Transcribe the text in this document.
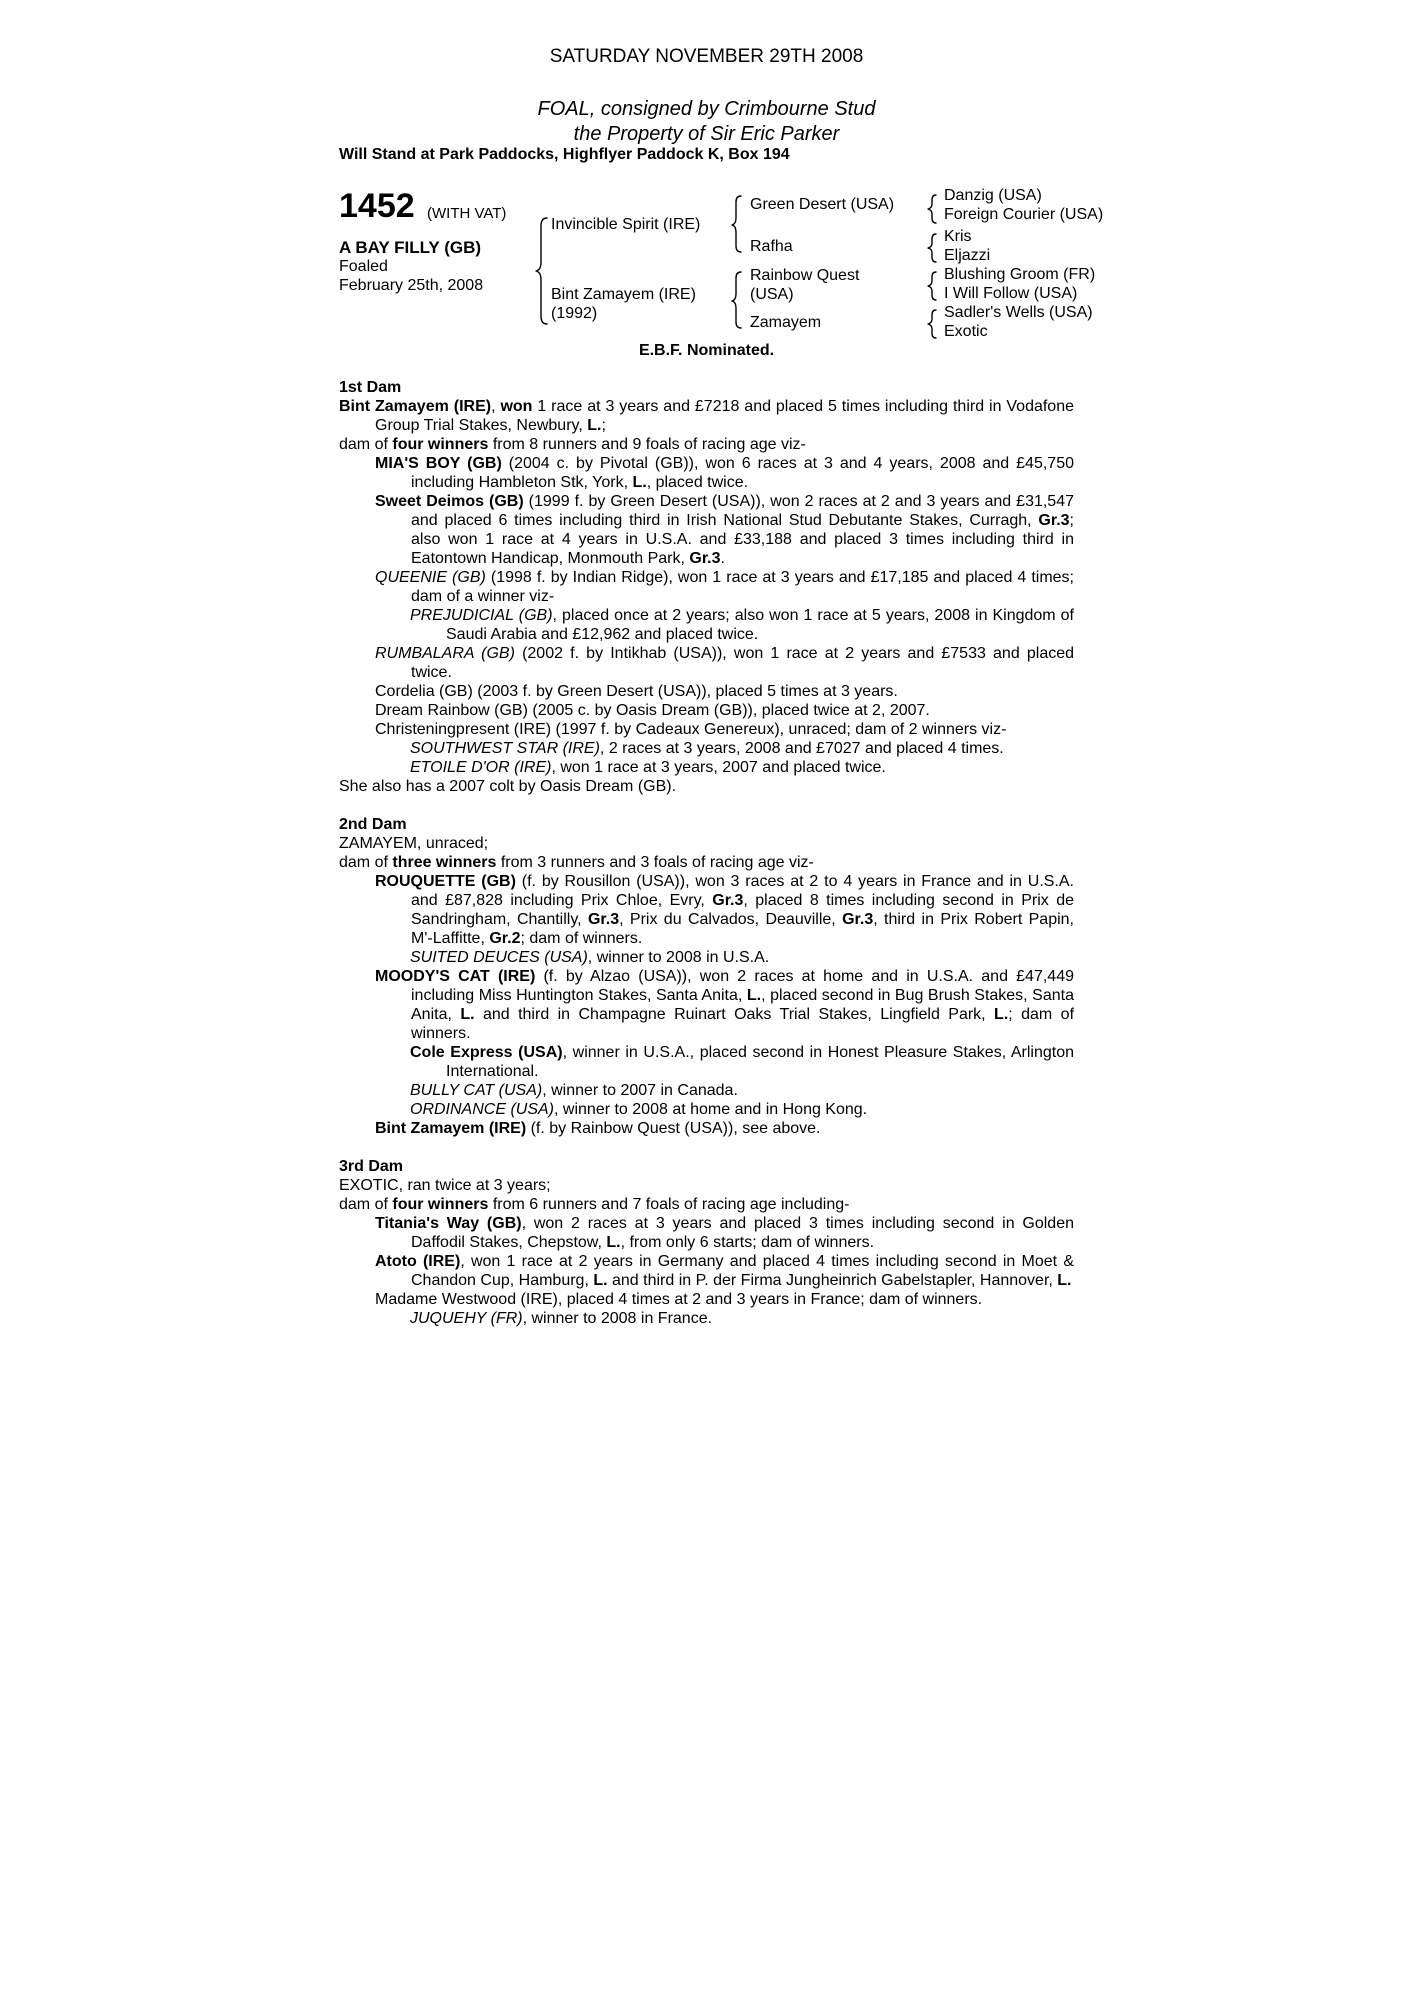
SATURDAY NOVEMBER 29TH 2008
FOAL, consigned by Crimbourne Stud
the Property of Sir Eric Parker
Will Stand at Park Paddocks, Highflyer Paddock K, Box 194
1452 (WITH VAT)
A BAY FILLY (GB)
Foaled
February 25th, 2008
Invincible Spirit (IRE)
Bint Zamayem (IRE)
(1992)
Green Desert (USA)
Rafha
Rainbow Quest
(USA)
Zamayem
Danzig (USA)
Foreign Courier (USA)
Kris
Eljazzi
Blushing Groom (FR)
I Will Follow (USA)
Sadler's Wells (USA)
Exotic
E.B.F. Nominated.

1st Dam

Bint Zamayem (IRE), won 1 race at 3 years and £7218 and placed 5 times including third in Vodafone Group Trial Stakes, Newbury, L.;

dam of four winners from 8 runners and 9 foals of racing age viz-

MIA'S BOY (GB) (2004 c. by Pivotal (GB)), won 6 races at 3 and 4 years, 2008 and £45,750 including Hambleton Stk, York, L., placed twice.

Sweet Deimos (GB) (1999 f. by Green Desert (USA)), won 2 races at 2 and 3 years and £31,547 and placed 6 times including third in Irish National Stud Debutante Stakes, Curragh, Gr.3; also won 1 race at 4 years in U.S.A. and £33,188 and placed 3 times including third in Eatontown Handicap, Monmouth Park, Gr.3.

QUEENIE (GB) (1998 f. by Indian Ridge), won 1 race at 3 years and £17,185 and placed 4 times; dam of a winner viz-

PREJUDICIAL (GB), placed once at 2 years; also won 1 race at 5 years, 2008 in Kingdom of Saudi Arabia and £12,962 and placed twice.

RUMBALARA (GB) (2002 f. by Intikhab (USA)), won 1 race at 2 years and £7533 and placed twice.

Cordelia (GB) (2003 f. by Green Desert (USA)), placed 5 times at 3 years.

Dream Rainbow (GB) (2005 c. by Oasis Dream (GB)), placed twice at 2, 2007.

Christeningpresent (IRE) (1997 f. by Cadeaux Genereux), unraced; dam of 2 winners viz-

SOUTHWEST STAR (IRE), 2 races at 3 years, 2008 and £7027 and placed 4 times.

ETOILE D'OR (IRE), won 1 race at 3 years, 2007 and placed twice.

She also has a 2007 colt by Oasis Dream (GB).

2nd Dam

ZAMAYEM, unraced;

dam of three winners from 3 runners and 3 foals of racing age viz-

ROUQUETTE (GB) (f. by Rousillon (USA)), won 3 races at 2 to 4 years in France and in U.S.A. and £87,828 including Prix Chloe, Evry, Gr.3, placed 8 times including second in Prix de Sandringham, Chantilly, Gr.3, Prix du Calvados, Deauville, Gr.3, third in Prix Robert Papin, M'-Laffitte, Gr.2; dam of winners.

SUITED DEUCES (USA), winner to 2008 in U.S.A.

MOODY'S CAT (IRE) (f. by Alzao (USA)), won 2 races at home and in U.S.A. and £47,449 including Miss Huntington Stakes, Santa Anita, L., placed second in Bug Brush Stakes, Santa Anita, L. and third in Champagne Ruinart Oaks Trial Stakes, Lingfield Park, L.; dam of winners.

Cole Express (USA), winner in U.S.A., placed second in Honest Pleasure Stakes, Arlington International.

BULLY CAT (USA), winner to 2007 in Canada.

ORDINANCE (USA), winner to 2008 at home and in Hong Kong.

Bint Zamayem (IRE) (f. by Rainbow Quest (USA)), see above.

3rd Dam

EXOTIC, ran twice at 3 years;

dam of four winners from 6 runners and 7 foals of racing age including-

Titania's Way (GB), won 2 races at 3 years and placed 3 times including second in Golden Daffodil Stakes, Chepstow, L., from only 6 starts; dam of winners.

Atoto (IRE), won 1 race at 2 years in Germany and placed 4 times including second in Moet & Chandon Cup, Hamburg, L. and third in P. der Firma Jungheinrich Gabelstapler, Hannover, L.

Madame Westwood (IRE), placed 4 times at 2 and 3 years in France; dam of winners.

JUQUEHY (FR), winner to 2008 in France.
